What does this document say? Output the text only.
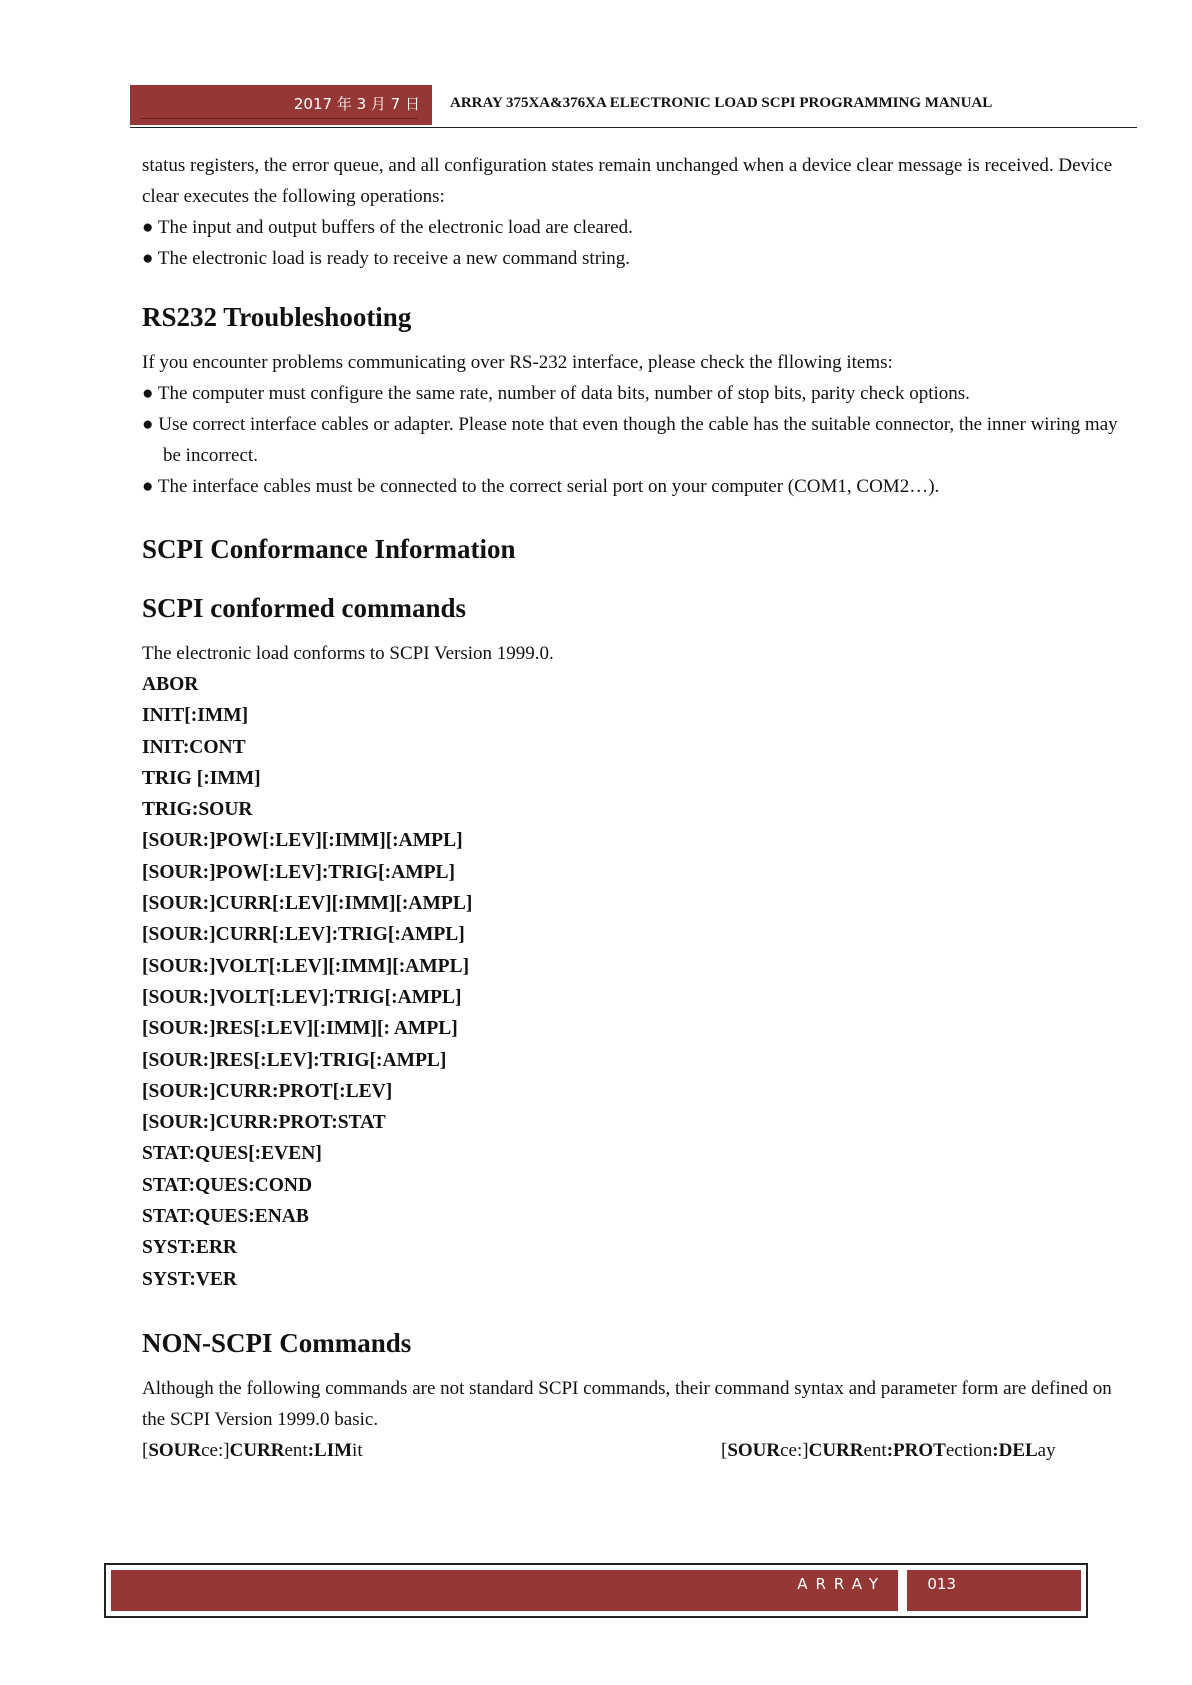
2017 年 3 月 7 日	ARRAY 375XA&376XA ELECTRONIC LOAD SCPI PROGRAMMING MANUAL

status registers, the error queue, and all configuration states remain unchanged when a device clear message is received. Device clear executes the following operations:

● The input and output buffers of the electronic load are cleared.
● The electronic load is ready to receive a new command string.
RS232 Troubleshooting

If you encounter problems communicating over RS-232 interface, please check the fllowing items:

● The computer must configure the same rate, number of data bits, number of stop bits, parity check options.
● Use correct interface cables or adapter. Please note that even though the cable has the suitable connector, the inner wiring may be incorrect.
● The interface cables must be connected to the correct serial port on your computer (COM1, COM2…).
SCPI Conformance Information
SCPI conformed commands

The electronic load conforms to SCPI Version 1999.0.

ABOR
INIT[:IMM]
INIT:CONT
TRIG [:IMM]
TRIG:SOUR
[SOUR:]POW[:LEV][:IMM][:AMPL]
[SOUR:]POW[:LEV]:TRIG[:AMPL]
[SOUR:]CURR[:LEV][:IMM][:AMPL]
[SOUR:]CURR[:LEV]:TRIG[:AMPL]
[SOUR:]VOLT[:LEV][:IMM][:AMPL]
[SOUR:]VOLT[:LEV]:TRIG[:AMPL]
[SOUR:]RES[:LEV][:IMM][: AMPL]
[SOUR:]RES[:LEV]:TRIG[:AMPL]
[SOUR:]CURR:PROT[:LEV]
[SOUR:]CURR:PROT:STAT
STAT:QUES[:EVEN]
STAT:QUES:COND
STAT:QUES:ENAB
SYST:ERR
SYST:VER
NON-SCPI Commands

Although the following commands are not standard SCPI commands, their command syntax and parameter form are defined on the SCPI Version 1999.0 basic.

[SOURce:]CURRent:LIMit	[SOURce:]CURRent:PROTection:DELay
ARRAY	013
